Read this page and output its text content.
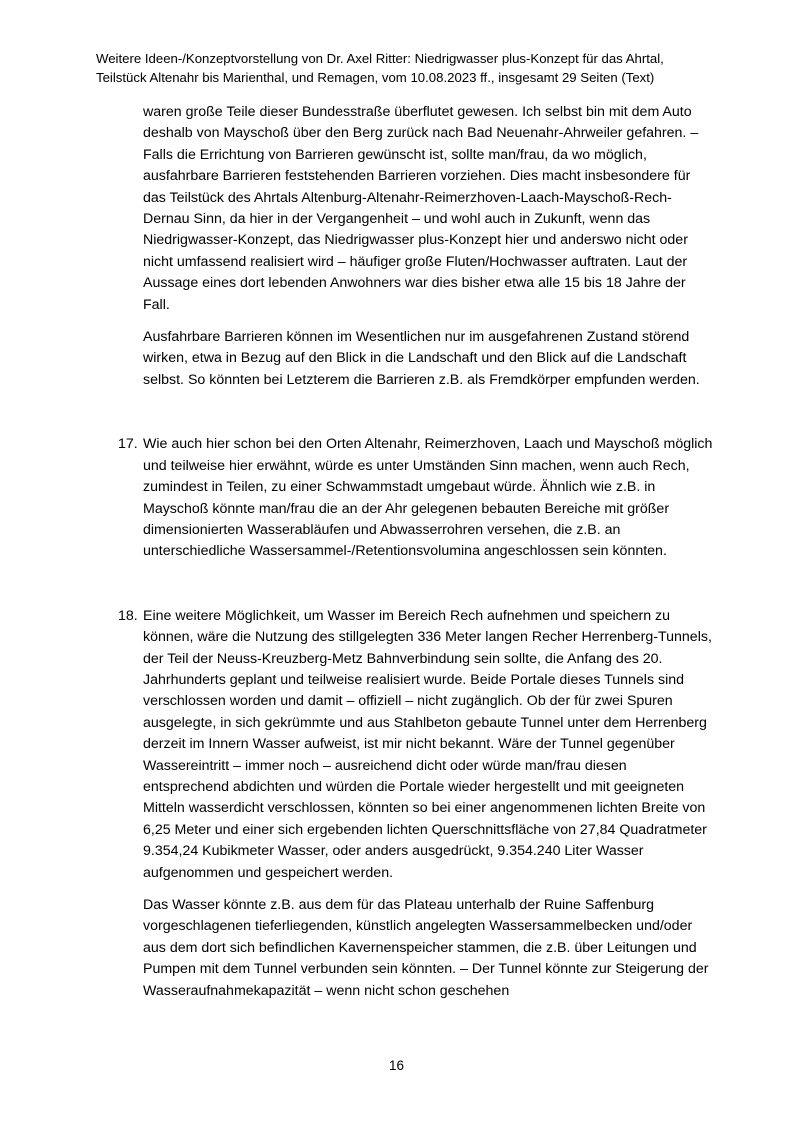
Weitere Ideen-/Konzeptvorstellung von Dr. Axel Ritter: Niedrigwasser plus-Konzept für das Ahrtal,
Teilstück Altenahr bis Marienthal, und Remagen, vom 10.08.2023 ff., insgesamt 29 Seiten (Text)

waren große Teile dieser Bundesstraße überflutet gewesen. Ich selbst bin mit dem Auto deshalb von Mayschoß über den Berg zurück nach Bad Neuenahr-Ahrweiler gefahren. – Falls die Errichtung von Barrieren gewünscht ist, sollte man/frau, da wo möglich, ausfahrbare Barrieren feststehenden Barrieren vorziehen. Dies macht insbesondere für das Teilstück des Ahrtals Altenburg-Altenahr-Reimerzhoven-Laach-Mayschoß-Rech-Dernau Sinn, da hier in der Vergangenheit – und wohl auch in Zukunft, wenn das Niedrigwasser-Konzept, das Niedrigwasser plus-Konzept hier und anderswo nicht oder nicht umfassend realisiert wird – häufiger große Fluten/Hochwasser auftraten. Laut der Aussage eines dort lebenden Anwohners war dies bisher etwa alle 15 bis 18 Jahre der Fall.

Ausfahrbare Barrieren können im Wesentlichen nur im ausgefahrenen Zustand störend wirken, etwa in Bezug auf den Blick in die Landschaft und den Blick auf die Landschaft selbst. So könnten bei Letzterem die Barrieren z.B. als Fremdkörper empfunden werden.

17. Wie auch hier schon bei den Orten Altenahr, Reimerzhoven, Laach und Mayschoß möglich und teilweise hier erwähnt, würde es unter Umständen Sinn machen, wenn auch Rech, zumindest in Teilen, zu einer Schwammstadt umgebaut würde. Ähnlich wie z.B. in Mayschoß könnte man/frau die an der Ahr gelegenen bebauten Bereiche mit größer dimensionierten Wasserabläufen und Abwasserrohren versehen, die z.B. an unterschiedliche Wassersammel-/Retentionsvolumina angeschlossen sein könnten.

18. Eine weitere Möglichkeit, um Wasser im Bereich Rech aufnehmen und speichern zu können, wäre die Nutzung des stillgelegten 336 Meter langen Recher Herrenberg-Tunnels, der Teil der Neuss-Kreuzberg-Metz Bahnverbindung sein sollte, die Anfang des 20. Jahrhunderts geplant und teilweise realisiert wurde. Beide Portale dieses Tunnels sind verschlossen worden und damit – offiziell – nicht zugänglich. Ob der für zwei Spuren ausgelegte, in sich gekrümmte und aus Stahlbeton gebaute Tunnel unter dem Herrenberg derzeit im Innern Wasser aufweist, ist mir nicht bekannt. Wäre der Tunnel gegenüber Wassereintritt – immer noch – ausreichend dicht oder würde man/frau diesen entsprechend abdichten und würden die Portale wieder hergestellt und mit geeigneten Mitteln wasserdicht verschlossen, könnten so bei einer angenommenen lichten Breite von 6,25 Meter und einer sich ergebenden lichten Querschnittsfläche von 27,84 Quadratmeter 9.354,24 Kubikmeter Wasser, oder anders ausgedrückt, 9.354.240 Liter Wasser aufgenommen und gespeichert werden.

Das Wasser könnte z.B. aus dem für das Plateau unterhalb der Ruine Saffenburg vorgeschlagenen tieferliegenden, künstlich angelegten Wassersammelbecken und/oder aus dem dort sich befindlichen Kavernenspeicher stammen, die z.B. über Leitungen und Pumpen mit dem Tunnel verbunden sein könnten. – Der Tunnel könnte zur Steigerung der Wasseraufnahmekapazität – wenn nicht schon geschehen

16
